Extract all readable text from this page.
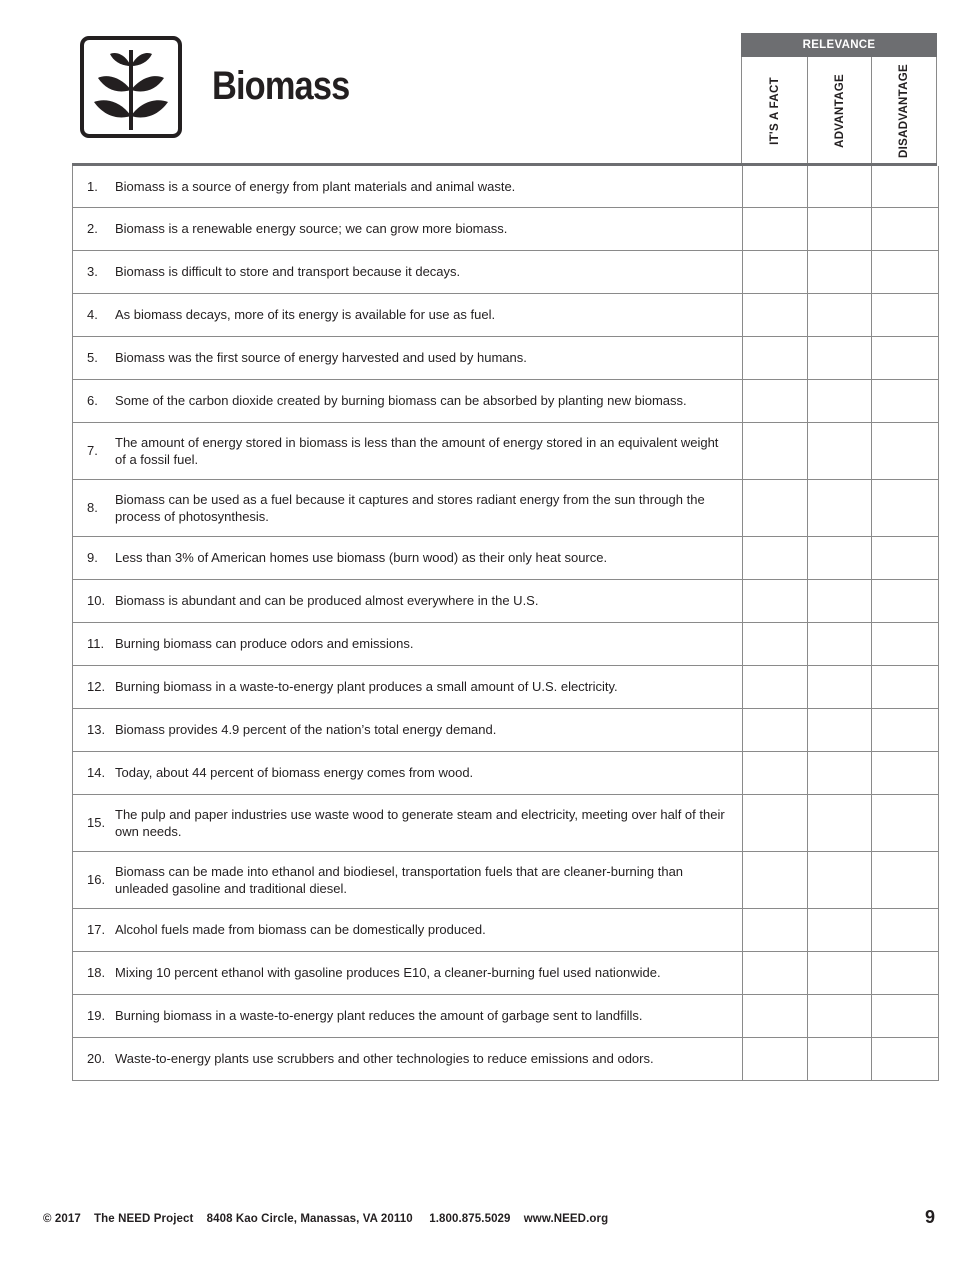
Biomass
RELEVANCE
IT'S A FACT	ADVANTAGE	DISADVANTAGE
1.	Biomass is a source of energy from plant materials and animal waste.
2.	Biomass is a renewable energy source; we can grow more biomass.
3.	Biomass is difficult to store and transport because it decays.
4.	As biomass decays, more of its energy is available for use as fuel.
5.	Biomass was the first source of energy harvested and used by humans.
6.	Some of the carbon dioxide created by burning biomass can be absorbed by planting new biomass.
7.
The amount of energy stored in biomass is less than the amount of energy stored in an equivalent weight of a fossil fuel.
8.
Biomass can be used as a fuel because it captures and stores radiant energy from the sun through the process of photosynthesis.
9.	Less than 3% of American homes use biomass (burn wood) as their only heat source.
10. Biomass is abundant and can be produced almost everywhere in the U.S.
11. Burning biomass can produce odors and emissions.
12. Burning biomass in a waste-to-energy plant produces a small amount of U.S. electricity.
13. Biomass provides 4.9 percent of the nation’s total energy demand.
14. Today, about 44 percent of biomass energy comes from wood.
15.
The pulp and paper industries use waste wood to generate steam and electricity, meeting over half of their own needs.
16.
Biomass can be made into ethanol and biodiesel, transportation fuels that are cleaner-burning than unleaded gasoline and traditional diesel.
17. Alcohol fuels made from biomass can be domestically produced.
18. Mixing 10 percent ethanol with gasoline produces E10, a cleaner-burning fuel used nationwide.
19. Burning biomass in a waste-to-energy plant reduces the amount of garbage sent to landfills.
20. Waste-to-energy plants use scrubbers and other technologies to reduce emissions and odors.
© 2017    The NEED Project    8408 Kao Circle, Manassas, VA 20110     1.800.875.5029    www.NEED.org	9
